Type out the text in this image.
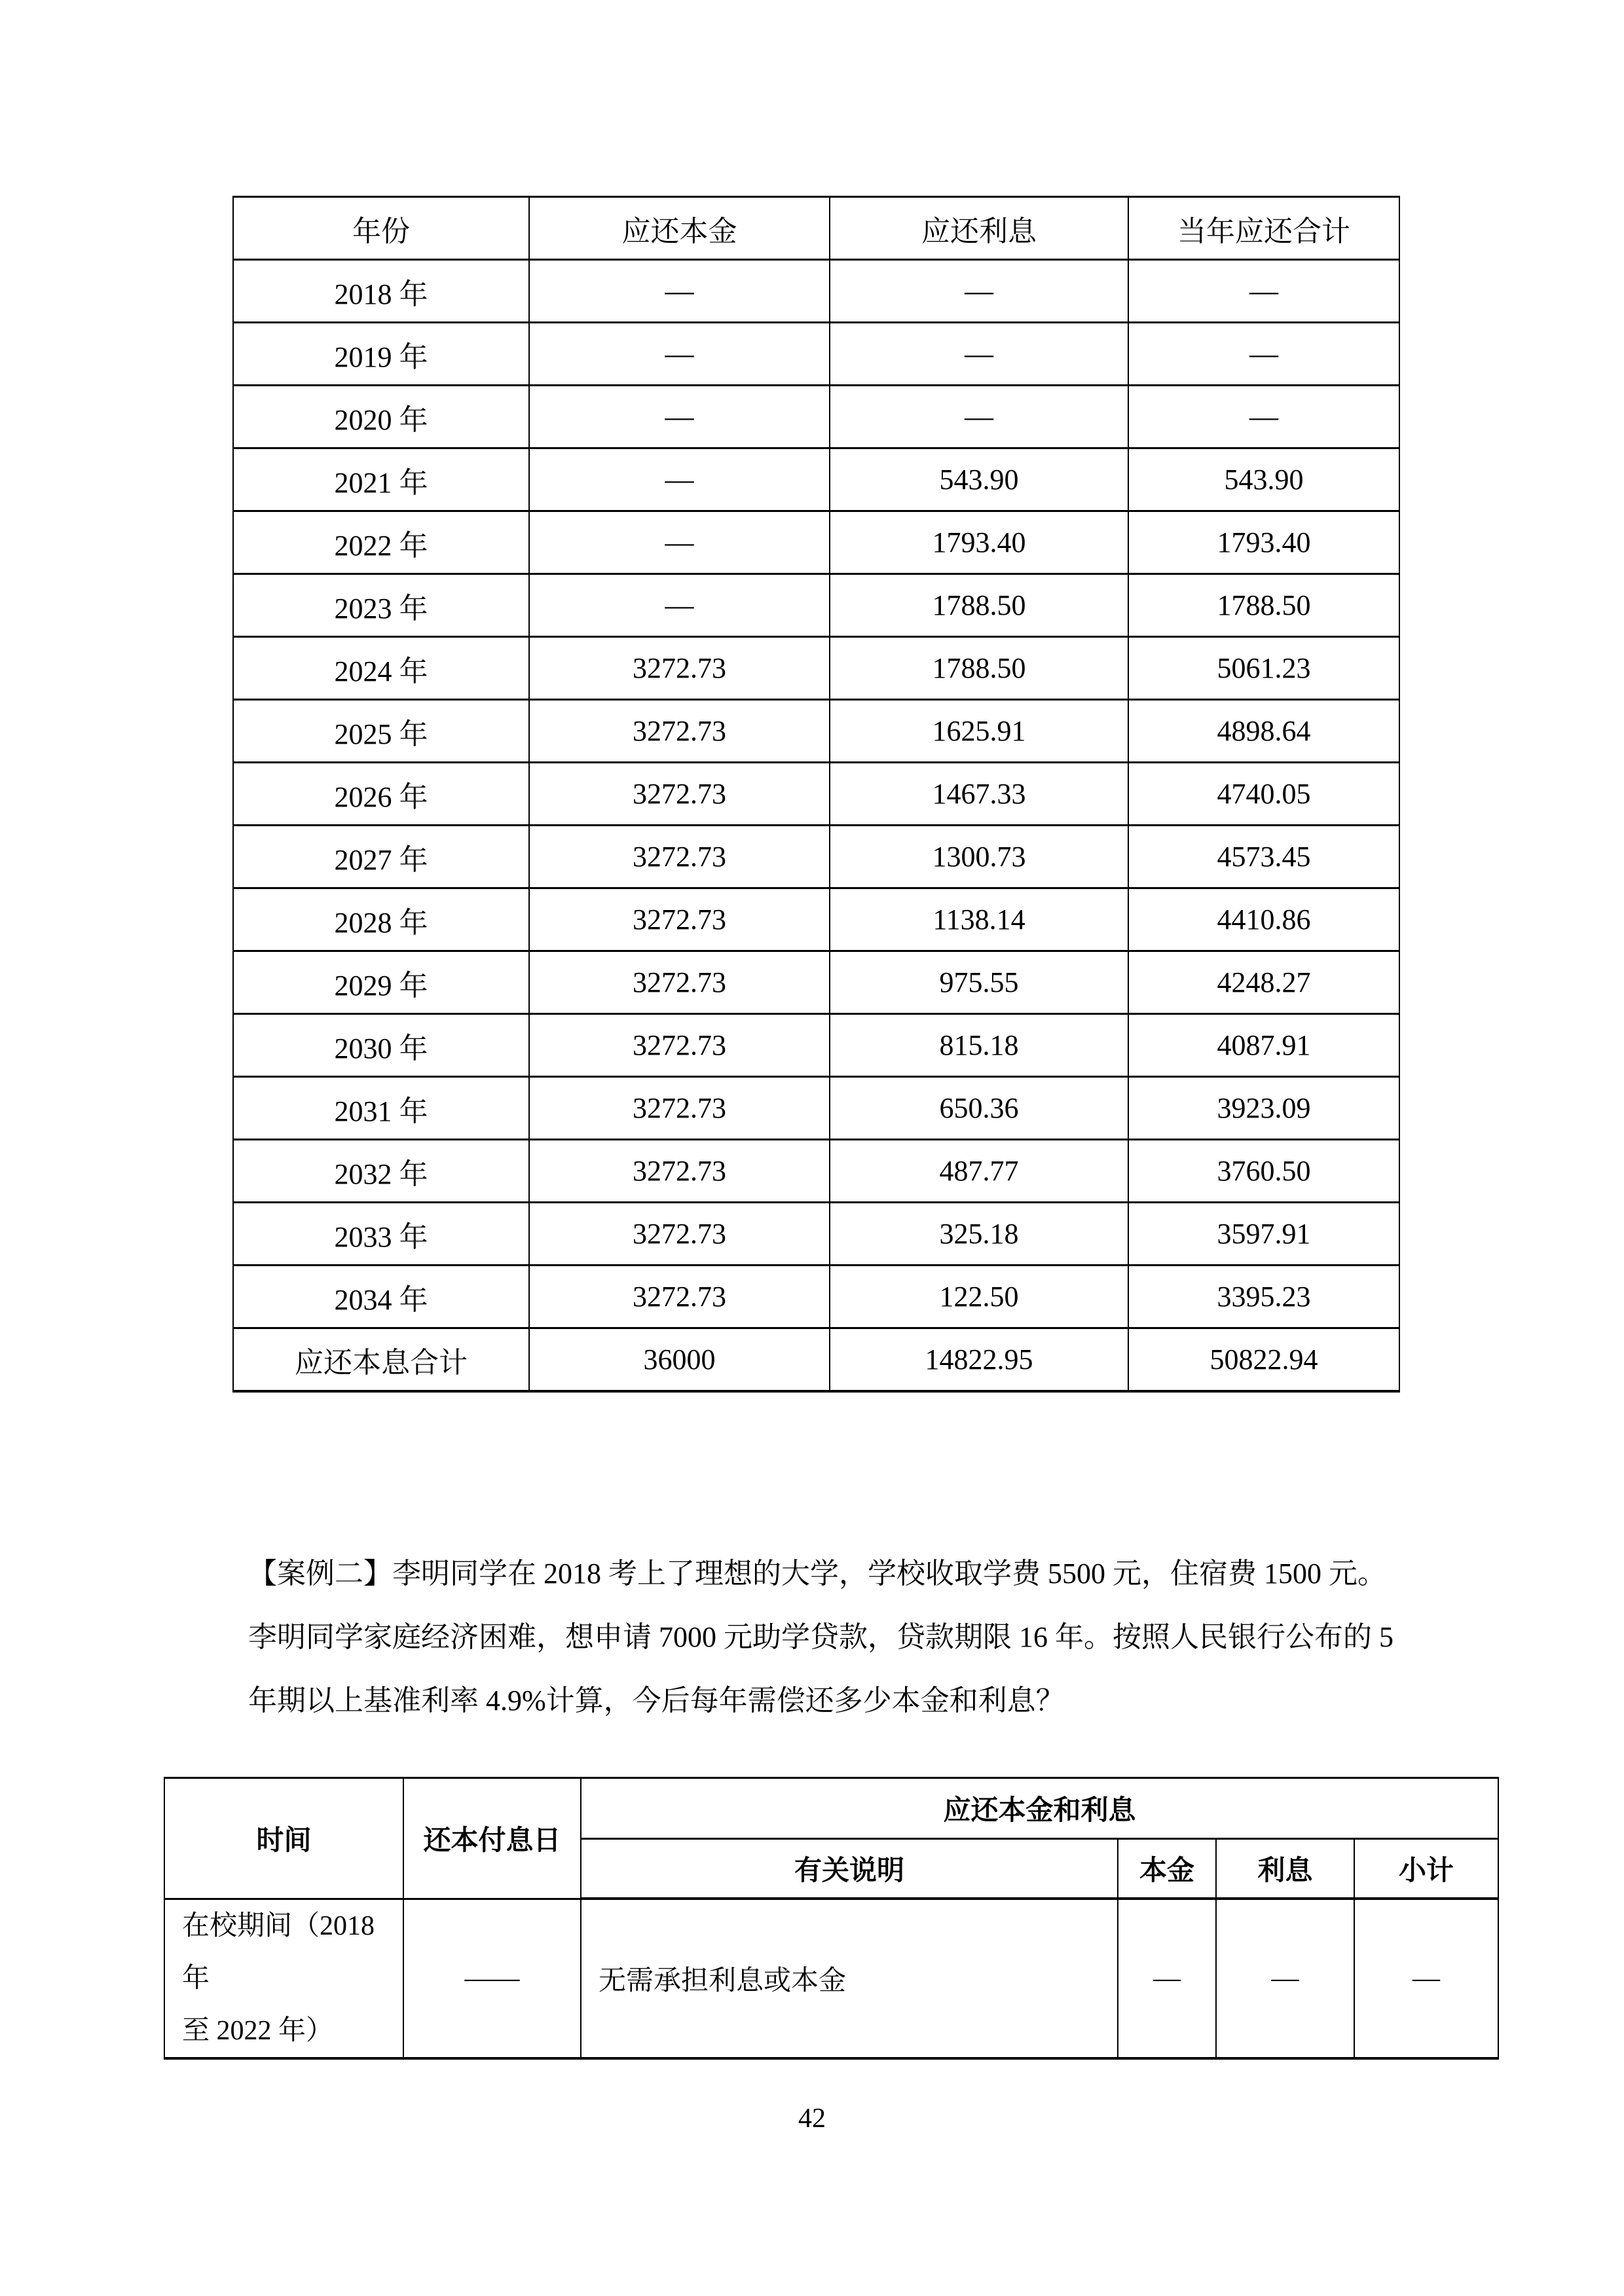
年份	应还本金	应还利息	当年应还合计
2018 年	—	—	—
2019 年	—	—	—
2020 年	—	—	—
2021 年	—	543.90	543.90
2022 年	—	1793.40	1793.40
2023 年	—	1788.50	1788.50
2024 年	3272.73	1788.50	5061.23
2025 年	3272.73	1625.91	4898.64
2026 年	3272.73	1467.33	4740.05
2027 年	3272.73	1300.73	4573.45
2028 年	3272.73	1138.14	4410.86
2029 年	3272.73	975.55	4248.27
2030 年	3272.73	815.18	4087.91
2031 年	3272.73	650.36	3923.09
2032 年	3272.73	487.77	3760.50
2033 年	3272.73	325.18	3597.91
2034 年	3272.73	122.50	3395.23
应还本息合计	36000	14822.95	50822.94
【案例二】李明同学在 2018 考上了理想的大学，学校收取学费 5500 元，住宿费 1500 元。
李明同学家庭经济困难，想申请 7000 元助学贷款，贷款期限 16 年。按照人民银行公布的 5
年期以上基准利率 4.9%计算，今后每年需偿还多少本金和利息？
时间	还本付息日	应还本金和利息			
		有关说明	本金	利息	小计

在校期间（2018 年
至 2022 年）	——	无需承担利息或本金	—	—	—
42
